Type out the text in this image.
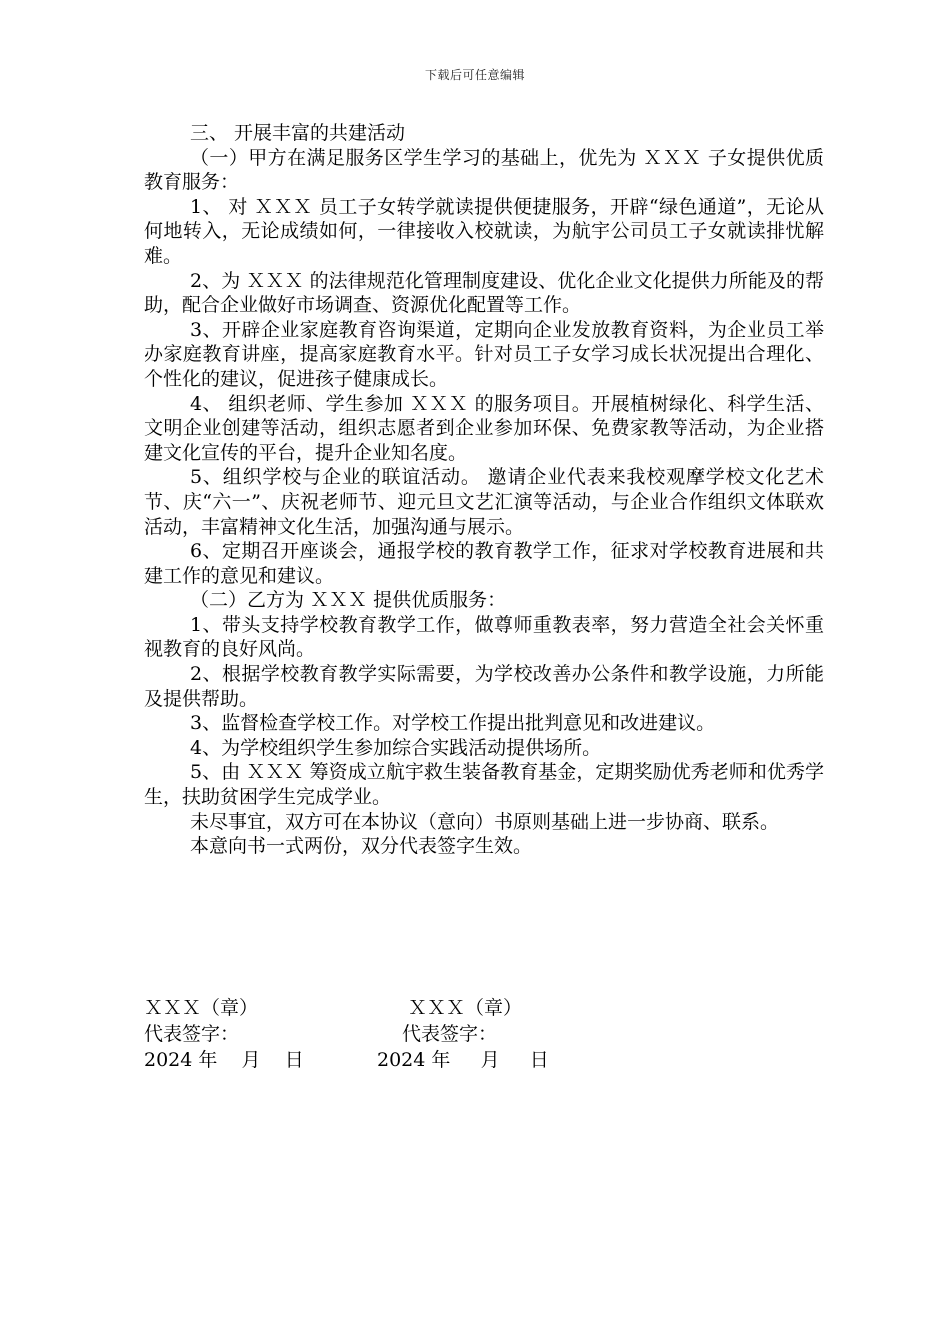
下载后可任意编辑

三、 开展丰富的共建活动

（一）甲方在满足服务区学生学习的基础上，优先为 ＸＸＸ 子女提供优质教育服务：

1、 对 ＸＸＸ 员工子女转学就读提供便捷服务，开辟“绿色通道”，无论从何地转入，无论成绩如何，一律接收入校就读，为航宇公司员工子女就读排忧解难。

2、为 ＸＸＸ 的法律规范化管理制度建设、优化企业文化提供力所能及的帮助，配合企业做好市场调查、资源优化配置等工作。

3、开辟企业家庭教育咨询渠道，定期向企业发放教育资料，为企业员工举办家庭教育讲座，提高家庭教育水平。针对员工子女学习成长状况提出合理化、个性化的建议，促进孩子健康成长。

4、 组织老师、学生参加 ＸＸＸ 的服务项目。开展植树绿化、科学生活、文明企业创建等活动，组织志愿者到企业参加环保、免费家教等活动，为企业搭建文化宣传的平台，提升企业知名度。

5、组织学校与企业的联谊活动。 邀请企业代表来我校观摩学校文化艺术节、庆“六一”、庆祝老师节、迎元旦文艺汇演等活动，与企业合作组织文体联欢活动，丰富精神文化生活，加强沟通与展示。

6、定期召开座谈会，通报学校的教育教学工作，征求对学校教育进展和共建工作的意见和建议。

（二）乙方为 ＸＸＸ 提供优质服务：

1、带头支持学校教育教学工作，做尊师重教表率，努力营造全社会关怀重视教育的良好风尚。

2、根据学校教育教学实际需要，为学校改善办公条件和教学设施，力所能及提供帮助。

3、监督检查学校工作。对学校工作提出批判意见和改进建议。

4、为学校组织学生参加综合实践活动提供场所。

5、由 ＸＸＸ 筹资成立航宇救生装备教育基金，定期奖励优秀老师和优秀学生，扶助贫困学生完成学业。

未尽事宜，双方可在本协议（意向）书原则基础上进一步协商、联系。

本意向书一式两份，双分代表签字生效。

ＸＸＸ（章）	ＸＸＸ（章）
代表签字：	代表签字：
2024 年    月    日	2024 年     月     日
